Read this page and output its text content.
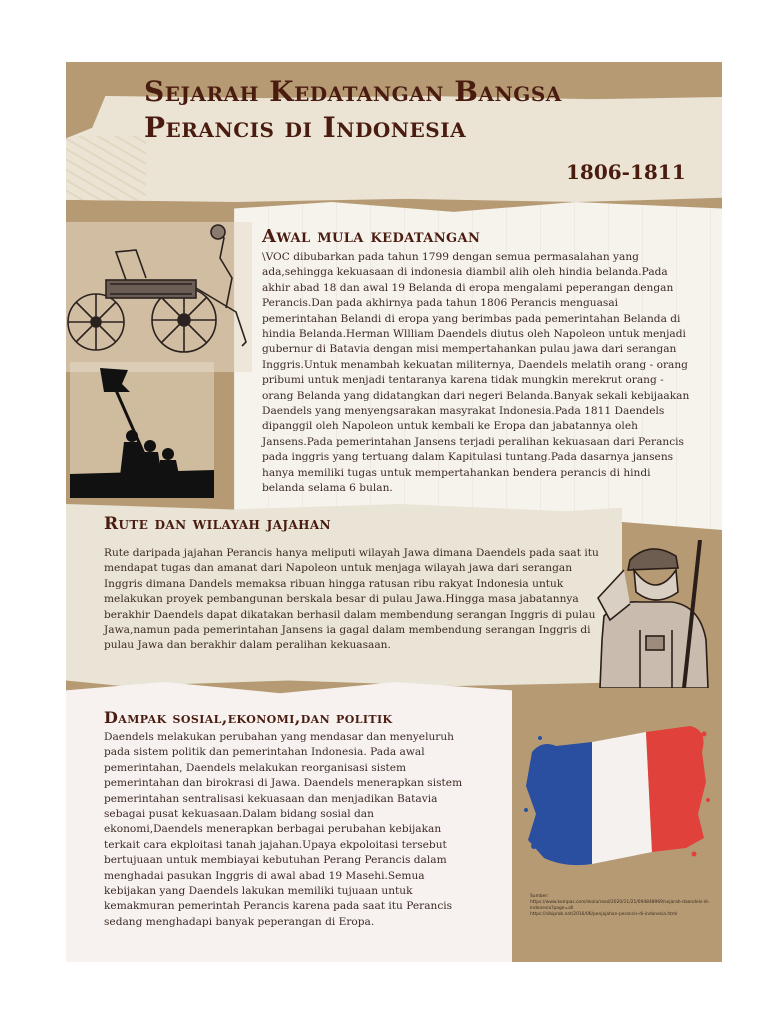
Sejarah Kedatangan Bangsa
Perancis di Indonesia
1806-1811
Awal mula kedatangan

\VOC dibubarkan pada tahun 1799 dengan semua permasalahan yang ada,sehingga kekuasaan di indonesia diambil alih oleh hindia belanda.Pada akhir abad 18 dan awal 19 Belanda di eropa mengalami peperangan dengan Perancis.Dan pada akhirnya pada tahun 1806 Perancis menguasai pemerintahan Belandi di eropa yang berimbas pada pemerintahan Belanda di hindia Belanda.Herman Wllliam Daendels diutus oleh Napoleon untuk menjadi gubernur di Batavia dengan misi mempertahankan pulau jawa dari serangan Inggris.Untuk menambah kekuatan militernya, Daendels melatih orang - orang pribumi untuk menjadi tentaranya karena tidak mungkin merekrut orang - orang Belanda yang didatangkan dari negeri Belanda.Banyak sekali kebijaakan Daendels yang menyengsarakan masyrakat Indonesia.Pada 1811 Daendels dipanggil oleh Napoleon untuk kembali ke Eropa dan jabatannya oleh Jansens.Pada pemerintahan Jansens terjadi peralihan kekuasaan dari Perancis pada inggris yang tertuang dalam Kapitulasi tuntang.Pada dasarnya jansens hanya memiliki tugas untuk mempertahankan bendera perancis di hindi belanda selama 6 bulan.

Rute dan wilayah jajahan

Rute daripada jajahan Perancis hanya meliputi wilayah Jawa dimana Daendels pada saat itu mendapat tugas dan amanat dari Napoleon untuk menjaga wilayah jawa dari serangan Inggris dimana Dandels memaksa ribuan hingga ratusan ribu rakyat Indonesia untuk melakukan proyek pembangunan berskala besar di pulau Jawa.Hingga masa jabatannya berakhir Daendels dapat dikatakan berhasil dalam membendung serangan Inggris di pulau Jawa,namun pada pemerintahan Jansens ia gagal dalam membendung serangan Inggris di pulau Jawa dan berakhir dalam peralihan kekuasaan.

Dampak sosial,ekonomi,dan politik

Daendels melakukan perubahan yang mendasar dan menyeluruh pada sistem politik dan pemerintahan Indonesia. Pada awal pemerintahan, Daendels melakukan reorganisasi sistem pemerintahan dan birokrasi di Jawa. Daendels menerapkan sistem pemerintahan sentralisasi kekuasaan dan menjadikan Batavia sebagai pusat kekuasaan.Dalam bidang sosial dan ekonomi,Daendels menerapkan berbagai perubahan kebijakan terkait cara ekploitasi tanah jajahan.Upaya ekpoloitasi tersebut bertujuaan untuk membiayai kebutuhan Perang Perancis dalam menghadai pasukan Inggris di awal abad 19 Masehi.Semua kebijakan yang Daendels lakukan memiliki tujuaan untuk kemakmuran pemerintah Perancis karena pada saat itu Perancis sedang menghadapi banyak peperangan di Eropa.

Sumber:
https://www.kompas.com/skola/read/2020/11/21/094848969/sejarah-daendels-di-indonesia?page=all
https://sibiprob.net/2016/06/penjajahan-perancis-di-indonesia.html
